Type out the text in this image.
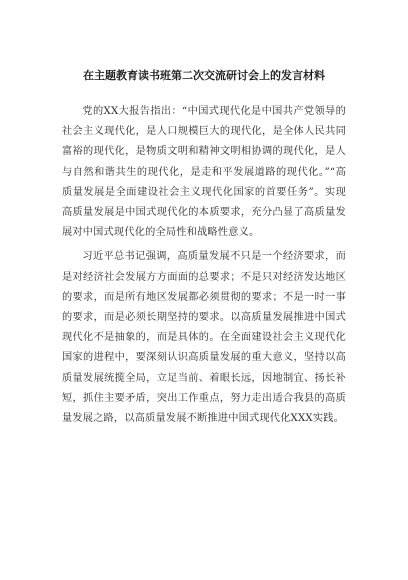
在主题教育读书班第二次交流研讨会上的发言材料

党的XX大报告指出：“中国式现代化是中国共产党领导的社会主义现代化，是人口规模巨大的现代化，是全体人民共同富裕的现代化，是物质文明和精神文明相协调的现代化，是人与自然和谐共生的现代化，是走和平发展道路的现代化。”“高质量发展是全面建设社会主义现代化国家的首要任务”。实现高质量发展是中国式现代化的本质要求，充分凸显了高质量发展对中国式现代化的全局性和战略性意义。

习近平总书记强调，高质量发展不只是一个经济要求，而是对经济社会发展方方面面的总要求；不是只对经济发达地区的要求，而是所有地区发展都必须贯彻的要求；不是一时一事的要求，而是必须长期坚持的要求。以高质量发展推进中国式现代化不是抽象的，而是具体的。在全面建设社会主义现代化国家的进程中，要深刻认识高质量发展的重大意义，坚持以高质量发展统揽全局，立足当前、着眼长远，因地制宜、扬长补短，抓住主要矛盾，突出工作重点，努力走出适合我县的高质量发展之路，以高质量发展不断推进中国式现代化XXX实践。
